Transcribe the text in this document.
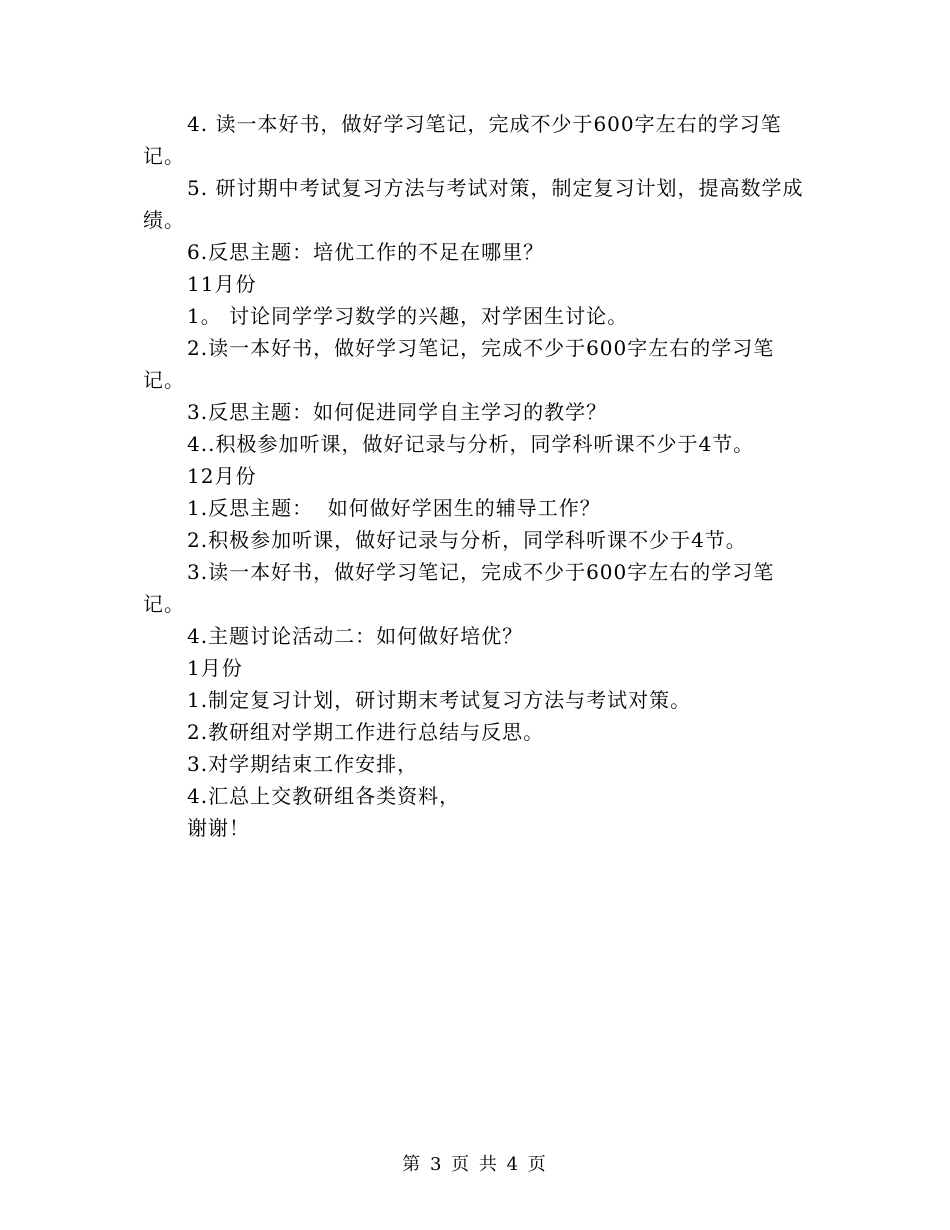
4. 读一本好书，做好学习笔记，完成不少于600字左右的学习笔记。

5. 研讨期中考试复习方法与考试对策，制定复习计划，提高数学成绩。

6.反思主题：培优工作的不足在哪里？

11月份

1。 讨论同学学习数学的兴趣，对学困生讨论。

2.读一本好书，做好学习笔记，完成不少于600字左右的学习笔记。

3.反思主题：如何促进同学自主学习的教学？

4..积极参加听课，做好记录与分析，同学科听课不少于4节。

12月份

1.反思主题：  如何做好学困生的辅导工作？

2.积极参加听课，做好记录与分析，同学科听课不少于4节。

3.读一本好书，做好学习笔记，完成不少于600字左右的学习笔记。

4.主题讨论活动二：如何做好培优？

1月份

1.制定复习计划，研讨期末考试复习方法与考试对策。

2.教研组对学期工作进行总结与反思。

3.对学期结束工作安排，

4.汇总上交教研组各类资料，

谢谢！

第 3 页 共 4 页
